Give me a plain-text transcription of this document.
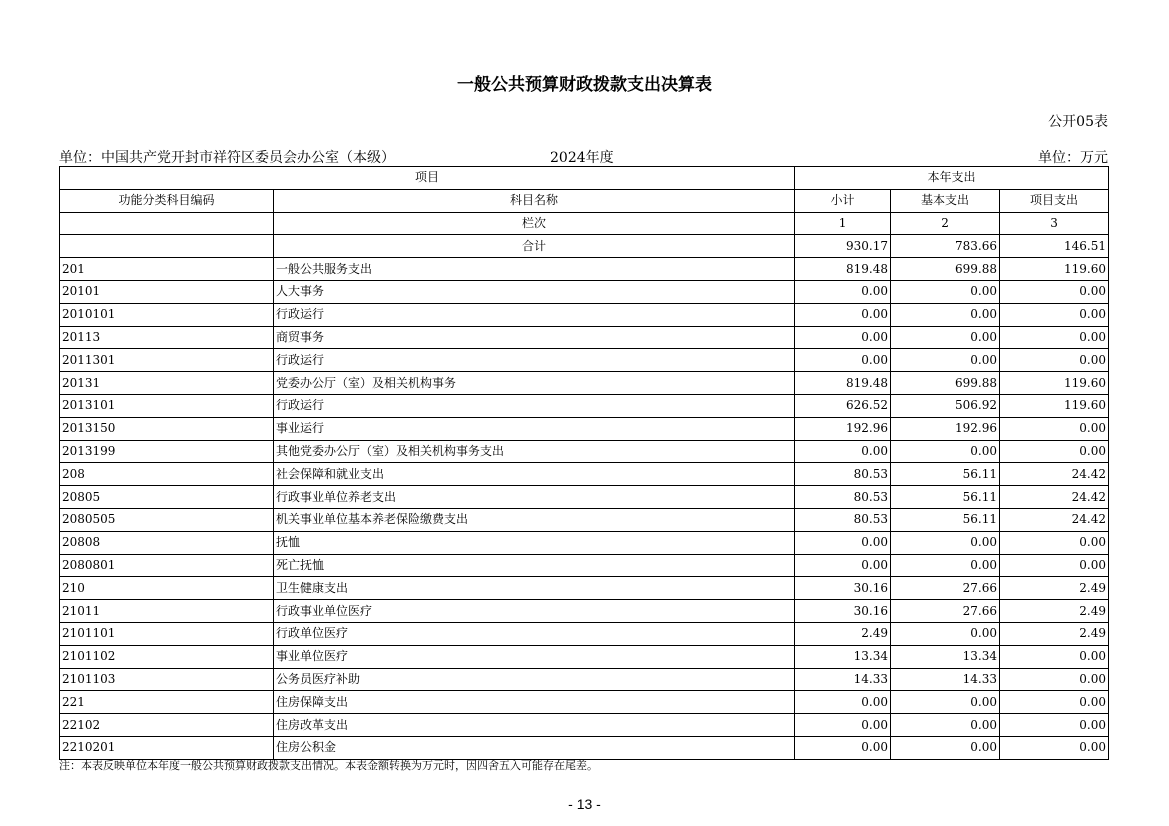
一般公共预算财政拨款支出决算表
公开05表
单位：中国共产党开封市祥符区委员会办公室（本级）	2024年度	单位：万元
项目		本年支出		
功能分类科目编码	科目名称	小计	基本支出	项目支出
	栏次	1	2	3
	合计	930.17	783.66	146.51
201	一般公共服务支出	819.48	699.88	119.60
20101	人大事务	0.00	0.00	0.00
2010101	行政运行	0.00	0.00	0.00
20113	商贸事务	0.00	0.00	0.00
2011301	行政运行	0.00	0.00	0.00
20131	党委办公厅（室）及相关机构事务	819.48	699.88	119.60
2013101	行政运行	626.52	506.92	119.60
2013150	事业运行	192.96	192.96	0.00
2013199	其他党委办公厅（室）及相关机构事务支出	0.00	0.00	0.00
208	社会保障和就业支出	80.53	56.11	24.42
20805	行政事业单位养老支出	80.53	56.11	24.42
2080505	机关事业单位基本养老保险缴费支出	80.53	56.11	24.42
20808	抚恤	0.00	0.00	0.00
2080801	死亡抚恤	0.00	0.00	0.00
210	卫生健康支出	30.16	27.66	2.49
21011	行政事业单位医疗	30.16	27.66	2.49
2101101	行政单位医疗	2.49	0.00	2.49
2101102	事业单位医疗	13.34	13.34	0.00
2101103	公务员医疗补助	14.33	14.33	0.00
221	住房保障支出	0.00	0.00	0.00
22102	住房改革支出	0.00	0.00	0.00
2210201	住房公积金	0.00	0.00	0.00
注：本表反映单位本年度一般公共预算财政拨款支出情况。本表金额转换为万元时，因四舍五入可能存在尾差。
- 13 -
